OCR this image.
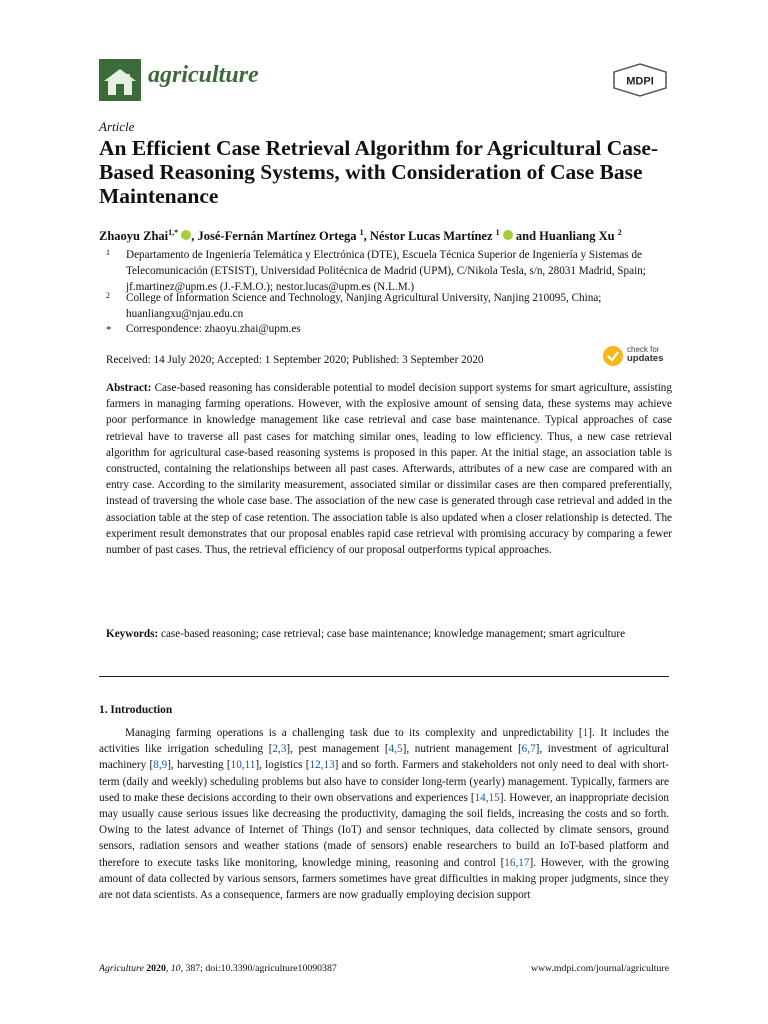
agriculture	MDPI
Article
An Efficient Case Retrieval Algorithm for Agricultural Case-Based Reasoning Systems, with Consideration of Case Base Maintenance
Zhaoyu Zhai$^{1,*}$ , José-Fernán Martínez Ortega $^1$, Néstor Lucas Martínez $^1$  and Huanliang Xu $^2$
1 Departamento de Ingeniería Telemática y Electrónica (DTE), Escuela Técnica Superior de Ingeniería y Sistemas de Telecomunicación (ETSIST), Universidad Politécnica de Madrid (UPM), C/Nikola Tesla, s/n, 28031 Madrid, Spain; jf.martinez@upm.es (J.-F.M.O.); nestor.lucas@upm.es (N.L.M.)
2 College of Information Science and Technology, Nanjing Agricultural University, Nanjing 210095, China; huanliangxu@njau.edu.cn
* Correspondence: zhaoyu.zhai@upm.es
Received: 14 July 2020; Accepted: 1 September 2020; Published: 3 September 2020
check for
updates
Abstract: Case-based reasoning has considerable potential to model decision support systems for smart agriculture, assisting farmers in managing farming operations. However, with the explosive amount of sensing data, these systems may achieve poor performance in knowledge management like case retrieval and case base maintenance. Typical approaches of case retrieval have to traverse all past cases for matching similar ones, leading to low efficiency. Thus, a new case retrieval algorithm for agricultural case-based reasoning systems is proposed in this paper. At the initial stage, an association table is constructed, containing the relationships between all past cases. Afterwards, attributes of a new case are compared with an entry case. According to the similarity measurement, associated similar or dissimilar cases are then compared preferentially, instead of traversing the whole case base. The association of the new case is generated through case retrieval and added in the association table at the step of case retention. The association table is also updated when a closer relationship is detected. The experiment result demonstrates that our proposal enables rapid case retrieval with promising accuracy by comparing a fewer number of past cases. Thus, the retrieval efficiency of our proposal outperforms typical approaches.
Keywords: case-based reasoning; case retrieval; case base maintenance; knowledge management; smart agriculture
1. Introduction
Managing farming operations is a challenging task due to its complexity and unpredictability [1]. It includes the activities like irrigation scheduling [2,3], pest management [4,5], nutrient management [6,7], investment of agricultural machinery [8,9], harvesting [10,11], logistics [12,13] and so forth. Farmers and stakeholders not only need to deal with short-term (daily and weekly) scheduling problems but also have to consider long-term (yearly) management. Typically, farmers are used to make these decisions according to their own observations and experiences [14,15]. However, an inappropriate decision may usually cause serious issues like decreasing the productivity, damaging the soil fields, increasing the costs and so forth. Owing to the latest advance of Internet of Things (IoT) and sensor techniques, data collected by climate sensors, ground sensors, radiation sensors and weather stations (made of sensors) enable researchers to build an IoT-based platform and therefore to execute tasks like monitoring, knowledge mining, reasoning and control [16,17]. However, with the growing amount of data collected by various sensors, farmers sometimes have great difficulties in making proper judgments, since they are not data scientists. As a consequence, farmers are now gradually employing decision support
Agriculture 2020, 10, 387; doi:10.3390/agriculture10090387	www.mdpi.com/journal/agriculture
